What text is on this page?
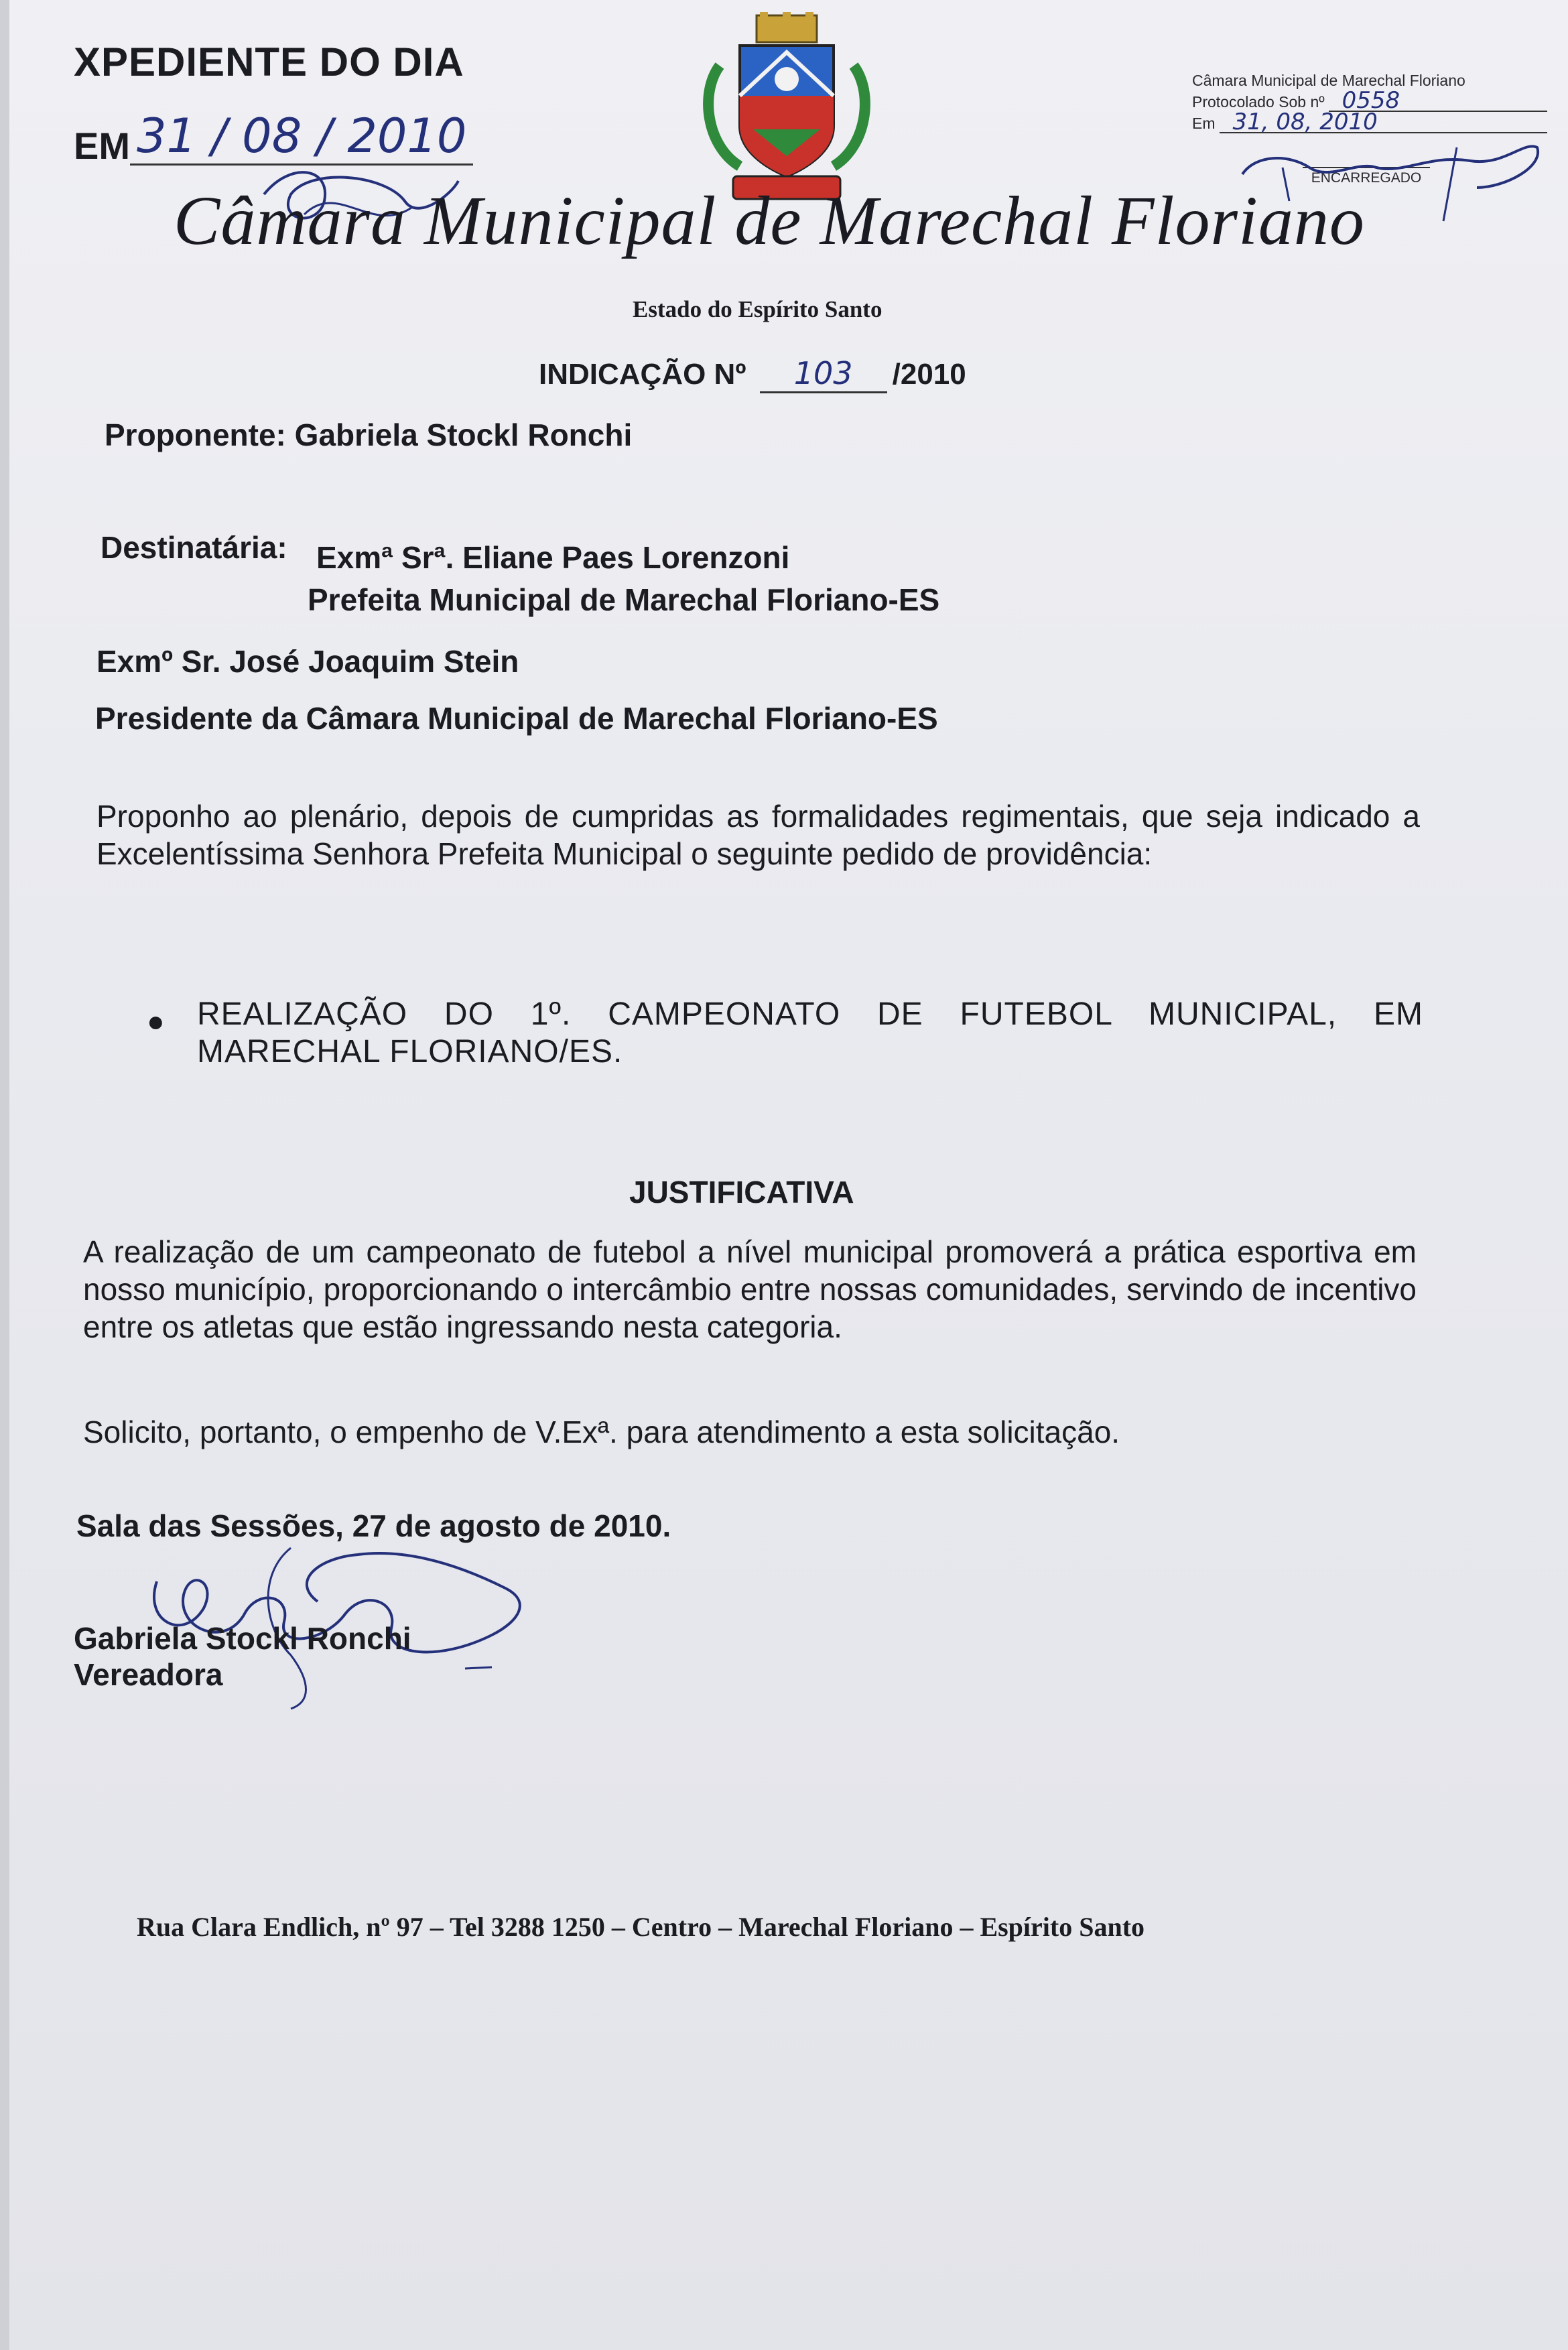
XPEDIENTE DO DIA
EM 31 / 08 / 2010
Câmara Municipal de Marechal Floriano
Protocolado Sob nº 0558
Em 31, 08, 2010
ENCARREGADO
Câmara Municipal de Marechal Floriano
Estado do Espírito Santo
INDICAÇÃO Nº 103 /2010
Proponente: Gabriela Stockl Ronchi
Destinatária: Exmª Srª. Eliane Paes Lorenzoni
Prefeita Municipal de Marechal Floriano-ES
Exmº Sr. José Joaquim Stein
Presidente da Câmara Municipal de Marechal Floriano-ES
Proponho ao plenário, depois de cumpridas as formalidades regimentais, que seja indicado a Excelentíssima Senhora Prefeita Municipal o seguinte pedido de providência:
● REALIZAÇÃO DO 1º. CAMPEONATO DE FUTEBOL MUNICIPAL, EM MARECHAL FLORIANO/ES.
JUSTIFICATIVA
A realização de um campeonato de futebol a nível municipal promoverá a prática esportiva em nosso município, proporcionando o intercâmbio entre nossas comunidades, servindo de incentivo entre os atletas que estão ingressando nesta categoria.
Solicito, portanto, o empenho de V.Exª. para atendimento a esta solicitação.
Sala das Sessões, 27 de agosto de 2010.
Gabriela Stockl Ronchi
Vereadora
Rua Clara Endlich, nº 97 – Tel 3288 1250 – Centro – Marechal Floriano – Espírito Santo
